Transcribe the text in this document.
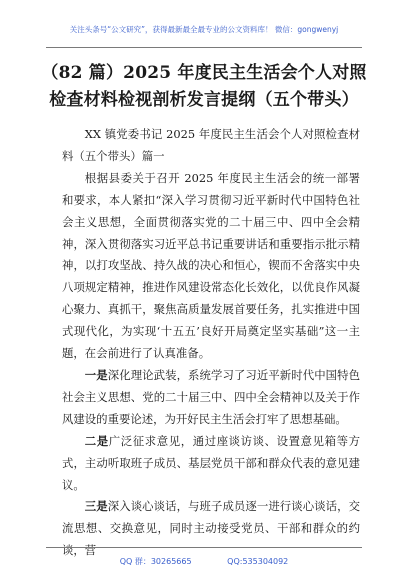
关注头条号“公文研究”，获得最新最全最专业的公文资料库！ 微信：gongwenyj
（82 篇）2025 年度民主生活会个人对照
检查材料检视剖析发言提纲（五个带头）

XX 镇党委书记 2025 年度民主生活会个人对照检查材料（五个带头）篇一

根据县委关于召开 2025 年度民主生活会的统一部署和要求，本人紧扣“深入学习贯彻习近平新时代中国特色社会主义思想，全面贯彻落实党的二十届三中、四中全会精神，深入贯彻落实习近平总书记重要讲话和重要指示批示精神，以打攻坚战、持久战的决心和恒心，锲而不舍落实中央八项规定精神，推进作风建设常态化长效化，以优良作风凝心聚力、真抓干，聚焦高质量发展首要任务，扎实推进中国式现代化，为实现‘十五五’良好开局奠定坚实基础”这一主题，在会前进行了认真准备。

一是深化理论武装，系统学习了习近平新时代中国特色社会主义思想、党的二十届三中、四中全会精神以及关于作风建设的重要论述，为开好民主生活会打牢了思想基础。

二是广泛征求意见，通过座谈访谈、设置意见箱等方式，主动听取班子成员、基层党员干部和群众代表的意见建议。

三是深入谈心谈话，与班子成员逐一进行谈心谈话，交流思想、交换意见，同时主动接受党员、干部和群众的约谈，营

QQ 群：30265665	QQ:535304092
